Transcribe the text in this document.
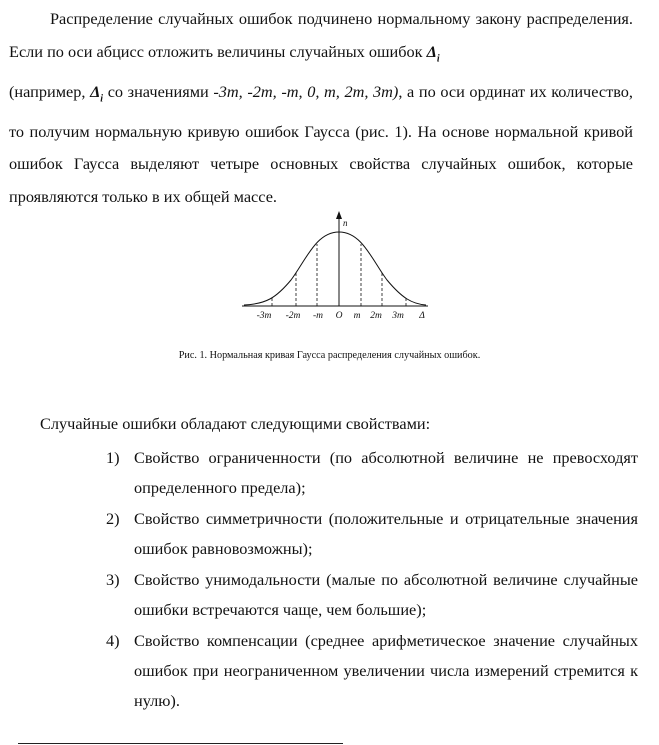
Распределение случайных ошибок подчинено нормальному закону распределения. Если по оси абцисс отложить величины случайных ошибок $\Delta_i$
(например, $\Delta_i$ со значениями -3m, -2m, -m, 0, m, 2m, 3m), а по оси ординат их количество, то получим нормальную кривую ошибок Гаусса (рис. 1). На основе нормальной кривой ошибок Гаусса выделяют четыре основных свойства случайных ошибок, которые проявляются только в их общей массе.

n
-3m -2m -m O m 2m 3m Δ

Рис. 1. Нормальная кривая Гаусса распределения случайных ошибок.

Случайные ошибки обладают следующими свойствами:

1) Свойство ограниченности (по абсолютной величине не превосходят определенного предела);
2) Свойство симметричности (положительные и отрицательные значения ошибок равновозможны);
3) Свойство унимодальности (малые по абсолютной величине случайные ошибки встречаются чаще, чем большие);
4) Свойство компенсации (среднее арифметическое значение случайных ошибок при неограниченном увеличении числа измерений стремится к нулю).
